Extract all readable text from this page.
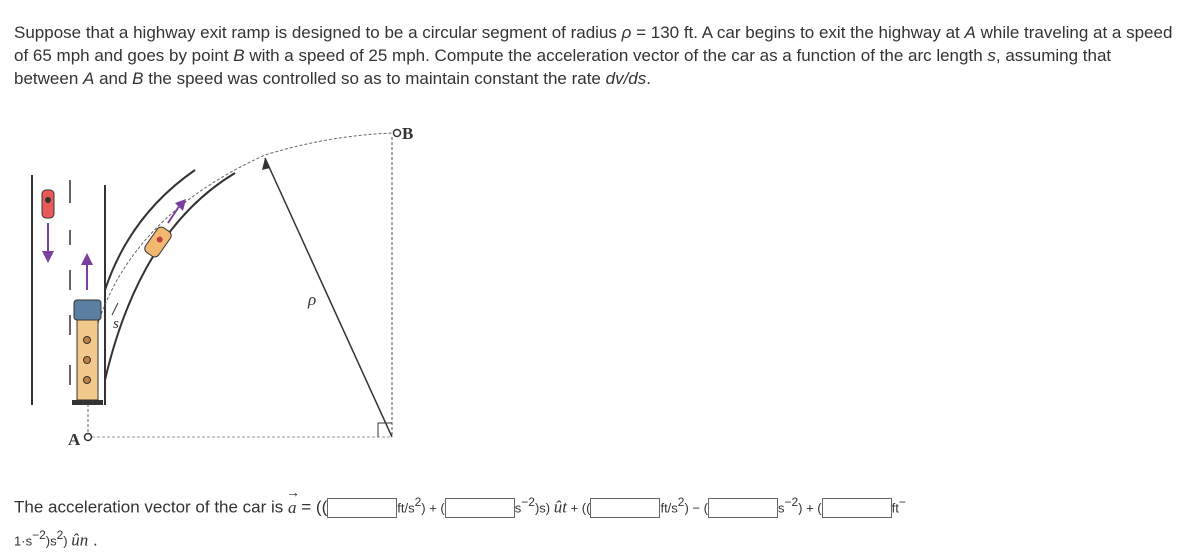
Suppose that a highway exit ramp is designed to be a circular segment of radius ρ = 130 ft. A car begins to exit the highway at A while traveling at a speed of 65 mph and goes by point B with a speed of 25 mph. Compute the acceleration vector of the car as a function of the arc length s, assuming that between A and B the speed was controlled so as to maintain constant the rate dv/ds.
A
B
ρ
s
The acceleration vector of the car is → a = ((	$ft/s^2$) + (	$s^{-2})s$) ût + ((	$ft/s^2$) − (	$s^{-2}$) + (	ft−
$1\cdot s^{-2})s^2$) ûn .
